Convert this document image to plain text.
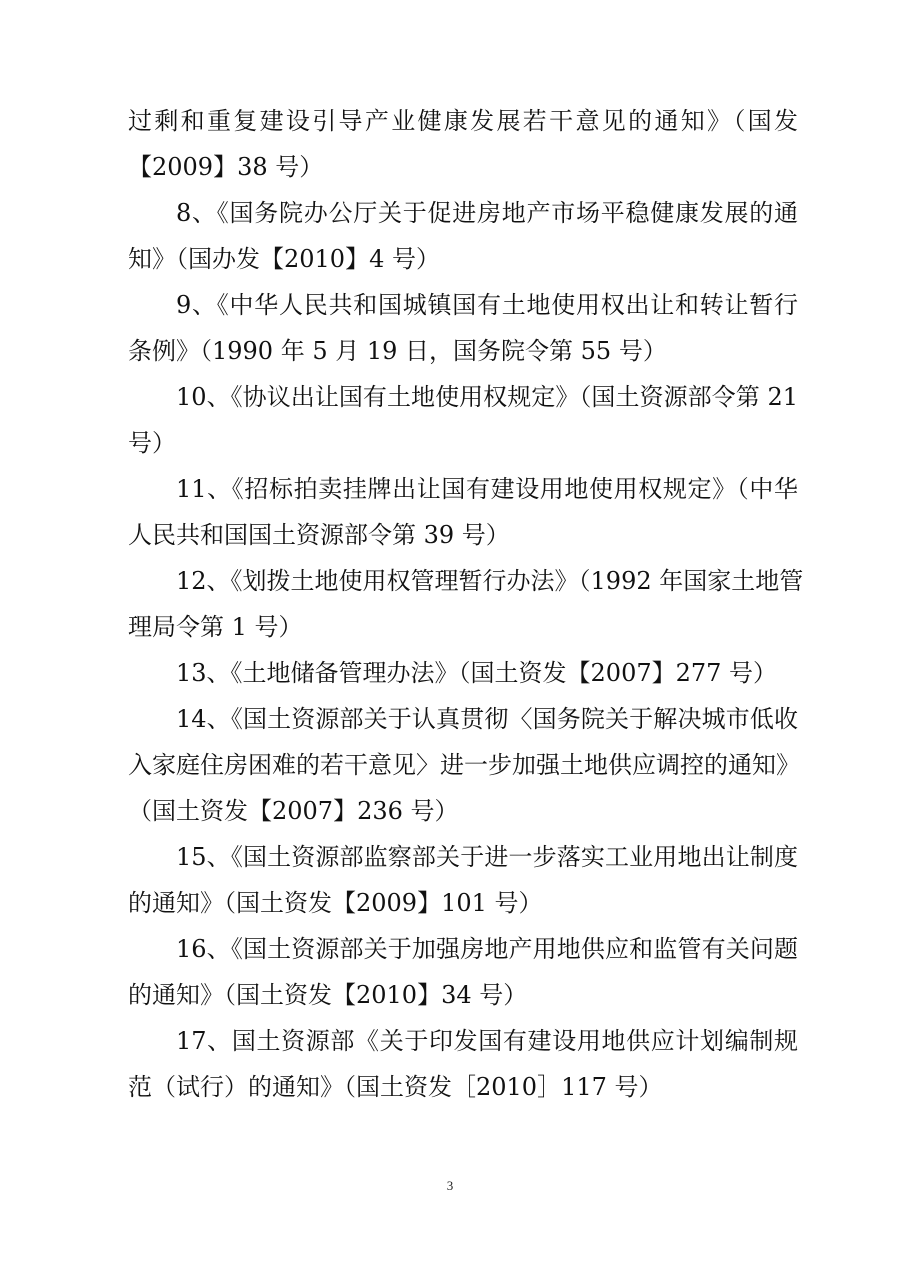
过剩和重复建设引导产业健康发展若干意见的通知》（国发
【2009】38 号）
8、《国务院办公厅关于促进房地产市场平稳健康发展的通
知》（国办发【2010】4 号）
9、《中华人民共和国城镇国有土地使用权出让和转让暂行
条例》（1990 年 5 月 19 日，国务院令第 55 号）
10、《协议出让国有土地使用权规定》（国土资源部令第 21
号）
11、《招标拍卖挂牌出让国有建设用地使用权规定》（中华
人民共和国国土资源部令第 39 号）
12、《划拨土地使用权管理暂行办法》（1992 年国家土地管
理局令第 1 号）
13、《土地储备管理办法》（国土资发【2007】277 号）
14、《国土资源部关于认真贯彻〈国务院关于解决城市低收
入家庭住房困难的若干意见〉进一步加强土地供应调控的通知》
（国土资发【2007】236 号）
15、《国土资源部监察部关于进一步落实工业用地出让制度
的通知》（国土资发【2009】101 号）
16、《国土资源部关于加强房地产用地供应和监管有关问题
的通知》（国土资发【2010】34 号）
17、国土资源部《关于印发国有建设用地供应计划编制规
范（试行）的通知》（国土资发［2010］117 号）
3
